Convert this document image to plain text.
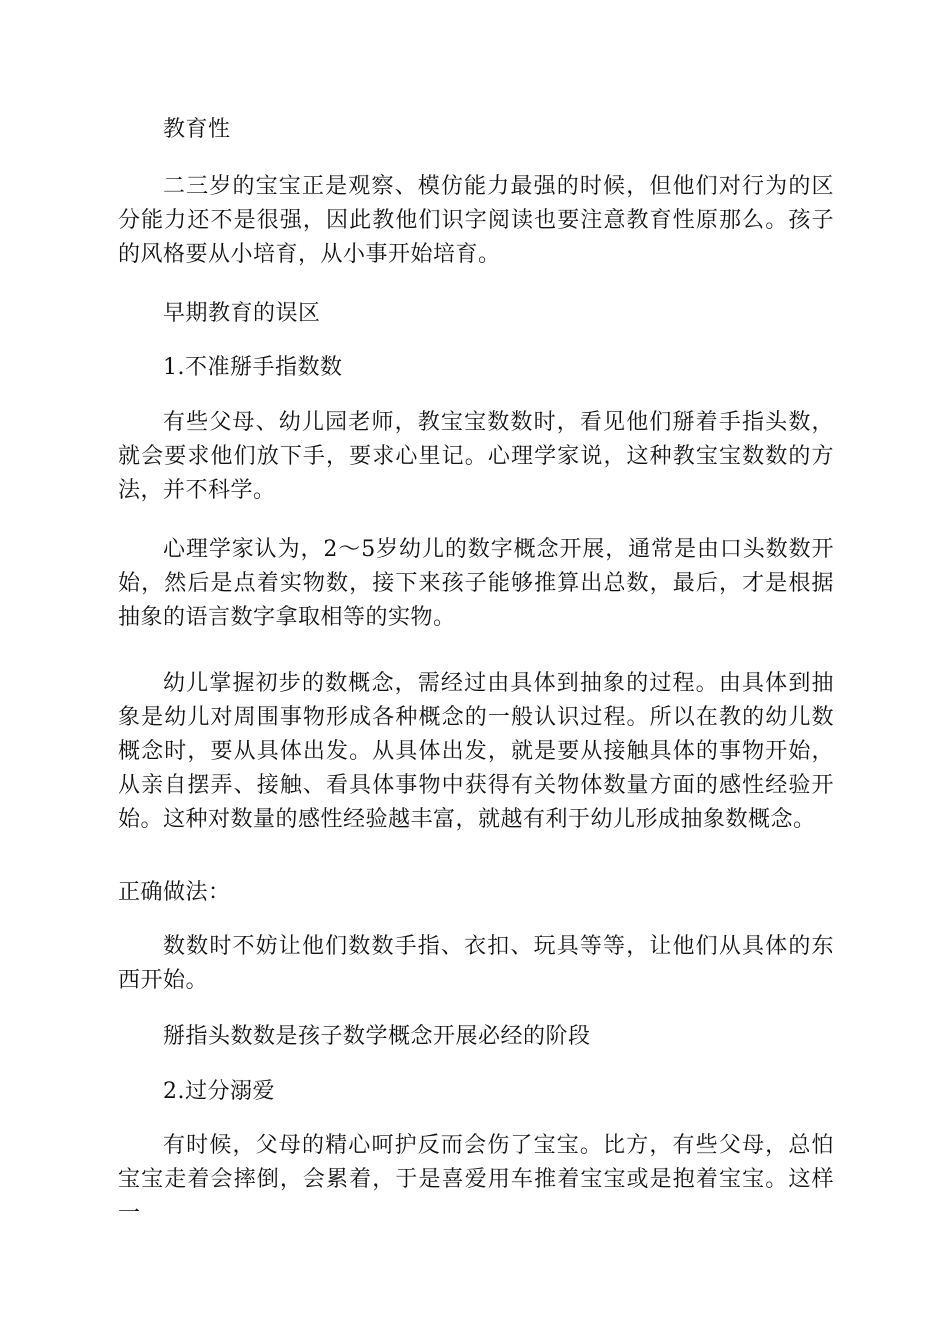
教育性

二三岁的宝宝正是观察、模仿能力最强的时候，但他们对行为的区分能力还不是很强，因此教他们识字阅读也要注意教育性原那么。孩子的风格要从小培育，从小事开始培育。

早期教育的误区

1.不准掰手指数数

有些父母、幼儿园老师，教宝宝数数时，看见他们掰着手指头数，就会要求他们放下手，要求心里记。心理学家说，这种教宝宝数数的方法，并不科学。

心理学家认为，2～5岁幼儿的数字概念开展，通常是由口头数数开始，然后是点着实物数，接下来孩子能够推算出总数，最后，才是根据抽象的语言数字拿取相等的实物。

幼儿掌握初步的数概念，需经过由具体到抽象的过程。由具体到抽象是幼儿对周围事物形成各种概念的一般认识过程。所以在教的幼儿数概念时，要从具体出发。从具体出发，就是要从接触具体的事物开始，从亲自摆弄、接触、看具体事物中获得有关物体数量方面的感性经验开始。这种对数量的感性经验越丰富，就越有利于幼儿形成抽象数概念。

正确做法：

数数时不妨让他们数数手指、衣扣、玩具等等，让他们从具体的东西开始。

掰指头数数是孩子数学概念开展必经的阶段

2.过分溺爱

有时候，父母的精心呵护反而会伤了宝宝。比方，有些父母，总怕宝宝走着会摔倒，会累着，于是喜爱用车推着宝宝或是抱着宝宝。这样一
